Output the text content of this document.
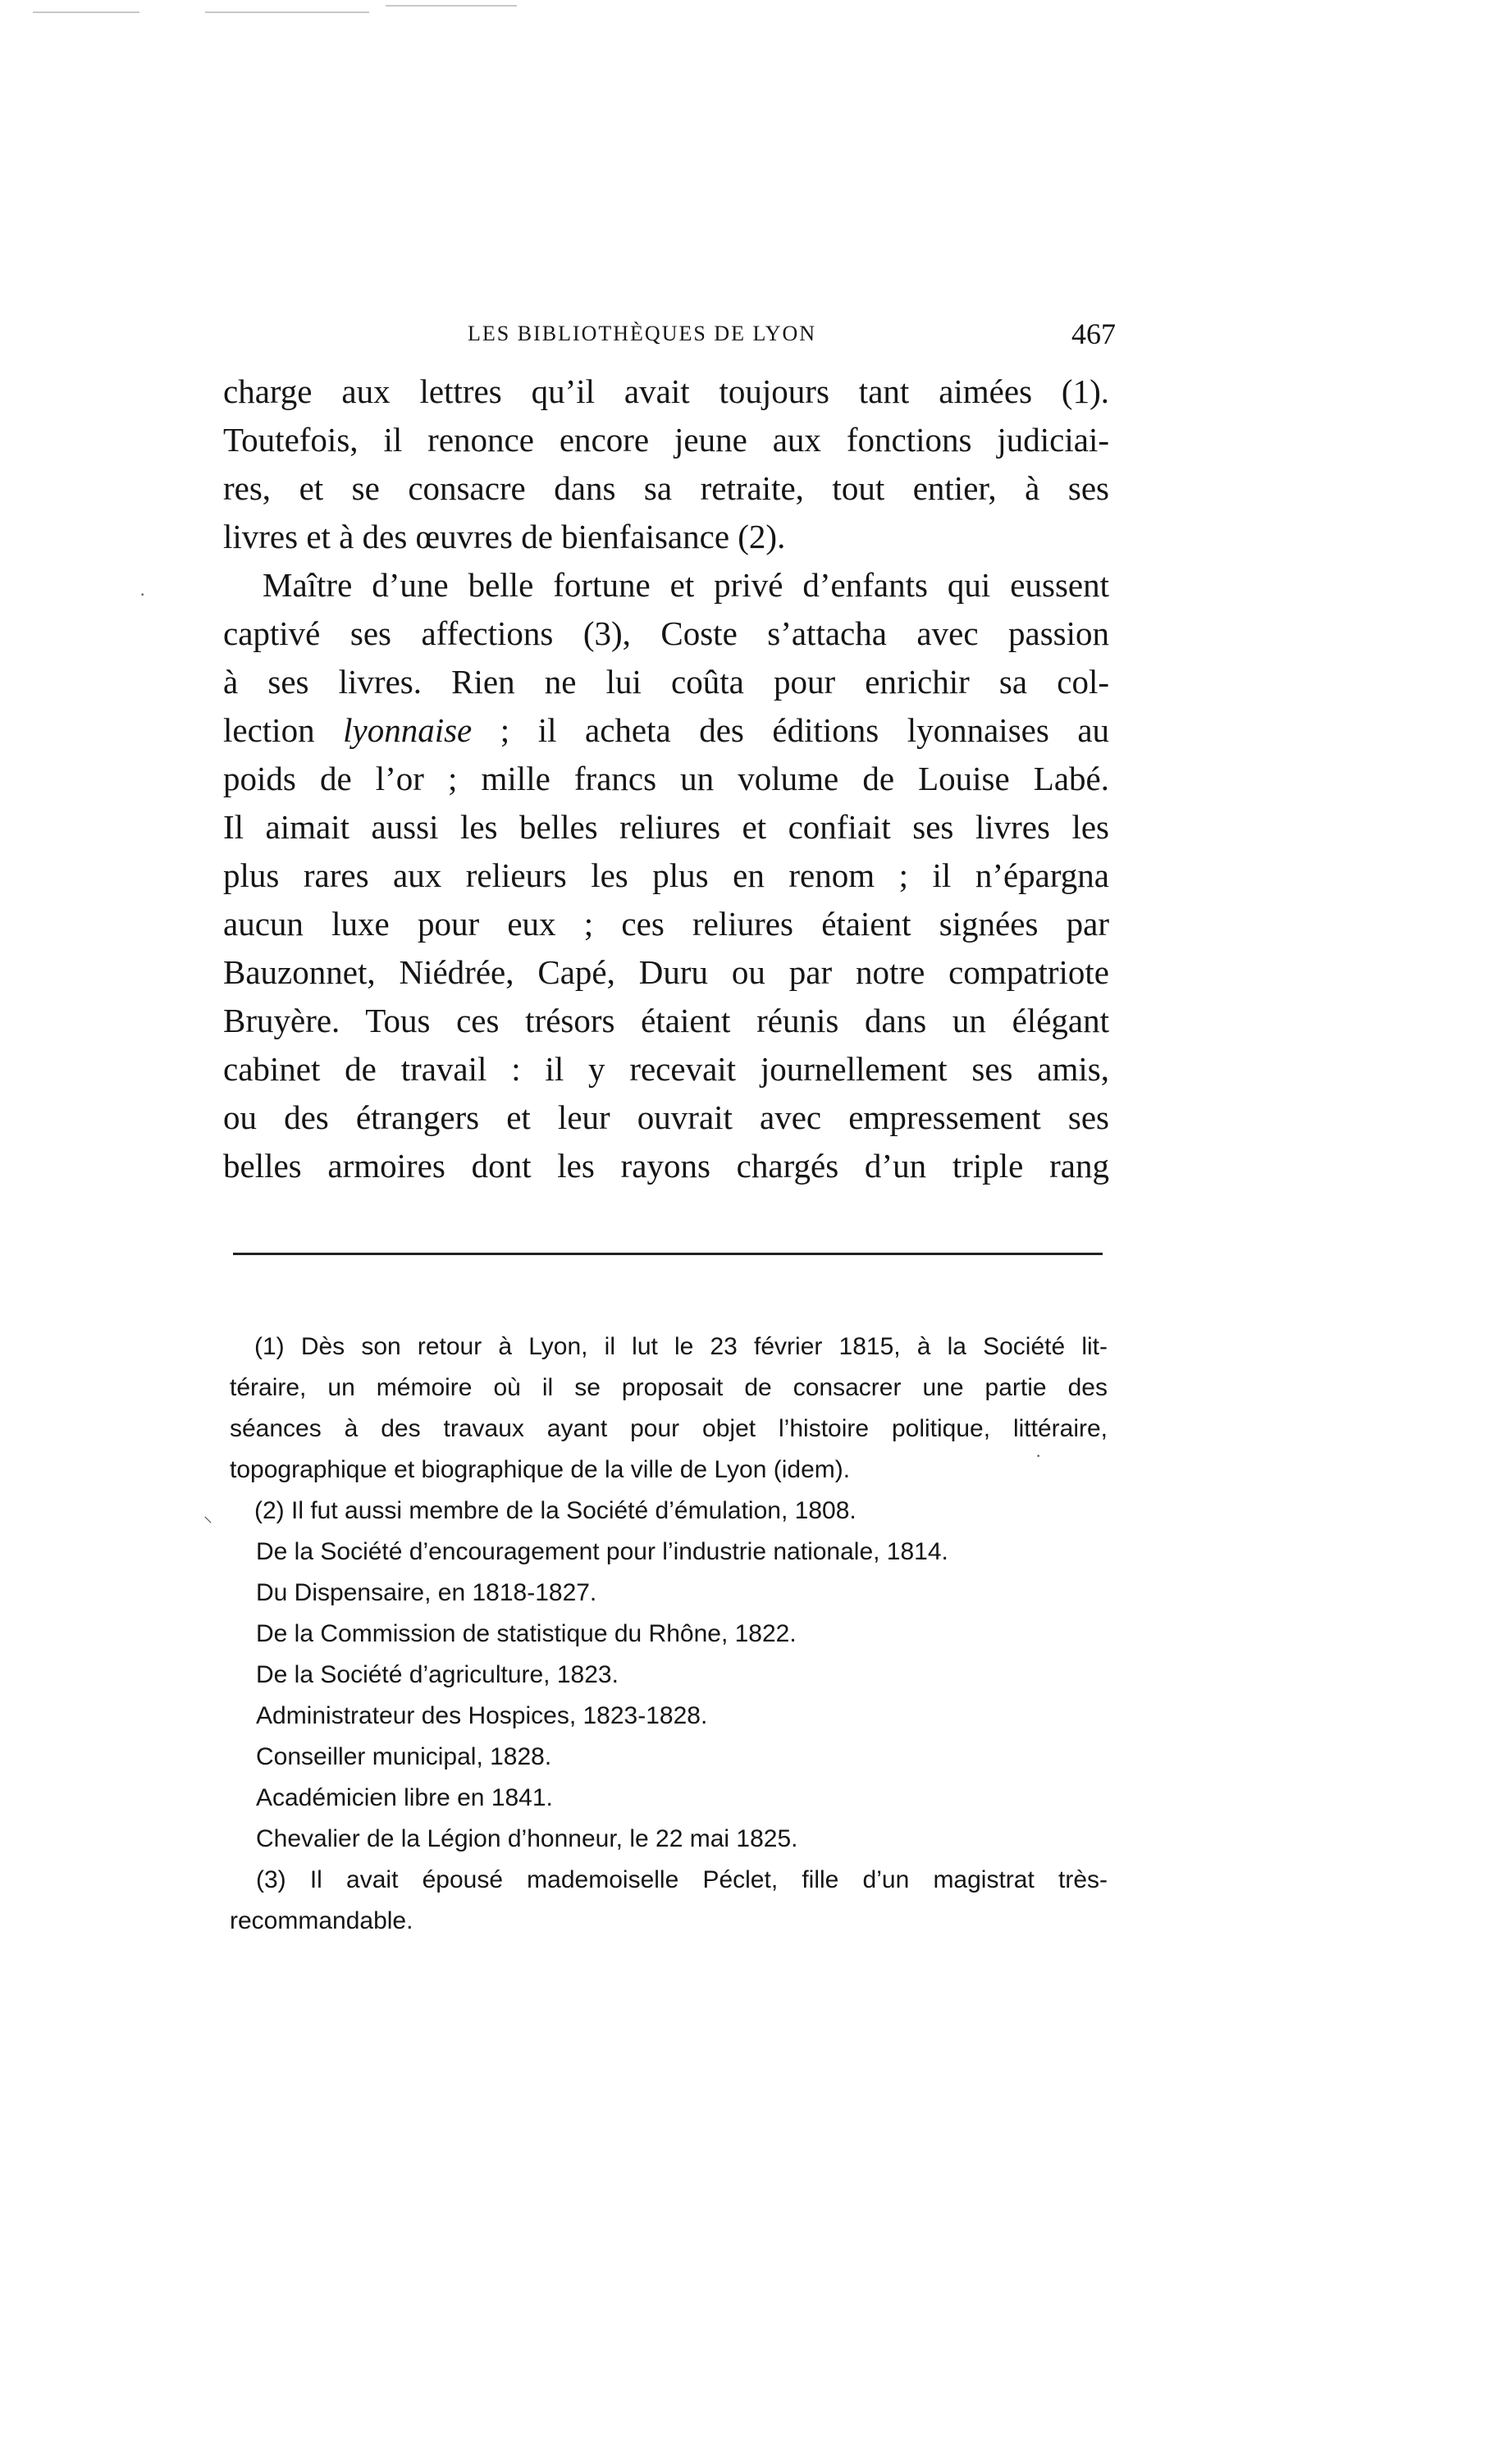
LES BIBLIOTHÈQUES DE LYON	467
charge aux lettres qu’il avait toujours tant aimées (1).
Toutefois, il renonce encore jeune aux fonctions judiciai-
res, et se consacre dans sa retraite, tout entier, à ses
livres et à des œuvres de bienfaisance (2).
Maître d’une belle fortune et privé d’enfants qui eussent
captivé ses affections (3), Coste s’attacha avec passion
à ses livres. Rien ne lui coûta pour enrichir sa col-
lection lyonnaise ; il acheta des éditions lyonnaises au
poids de l’or ; mille francs un volume de Louise Labé.
Il aimait aussi les belles reliures et confiait ses livres les
plus rares aux relieurs les plus en renom ; il n’épargna
aucun luxe pour eux ; ces reliures étaient signées par
Bauzonnet, Niédrée, Capé, Duru ou par notre compatriote
Bruyère. Tous ces trésors étaient réunis dans un élégant
cabinet de travail : il y recevait journellement ses amis,
ou des étrangers et leur ouvrait avec empressement ses
belles armoires dont les rayons chargés d’un triple rang
(1) Dès son retour à Lyon, il lut le 23 février 1815, à la Société lit-
téraire, un mémoire où il se proposait de consacrer une partie des
séances à des travaux ayant pour objet l’histoire politique, littéraire,
topographique et biographique de la ville de Lyon (idem).
(2) Il fut aussi membre de la Société d’émulation, 1808.
De la Société d’encouragement pour l’industrie nationale, 1814.
Du Dispensaire, en 1818-1827.
De la Commission de statistique du Rhône, 1822.
De la Société d’agriculture, 1823.
Administrateur des Hospices, 1823-1828.
Conseiller municipal, 1828.
Académicien libre en 1841.
Chevalier de la Légion d’honneur, le 22 mai 1825.
(3) Il avait épousé mademoiselle Péclet, fille d’un magistrat très-
recommandable.
⸜
·
·
